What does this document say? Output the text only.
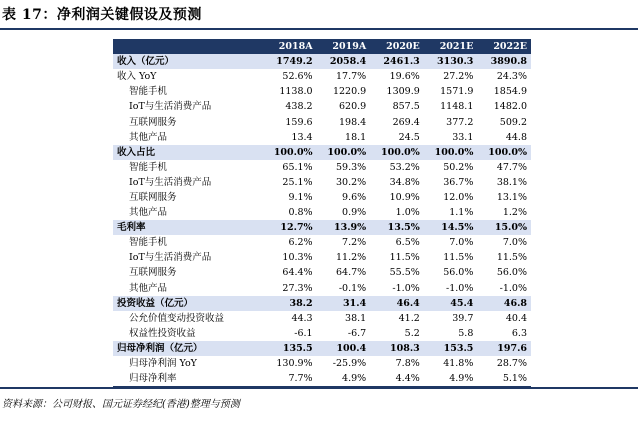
表 17：净利润关键假设及预测
	2018A	2019A	2020E	2021E	2022E
收入（亿元）	1749.2	2058.4	2461.3	3130.3	3890.8
收入 YoY	52.6%	17.7%	19.6%	27.2%	24.3%
智能手机	1138.0	1220.9	1309.9	1571.9	1854.9
IoT与生活消费产品	438.2	620.9	857.5	1148.1	1482.0
互联网服务	159.6	198.4	269.4	377.2	509.2
其他产品	13.4	18.1	24.5	33.1	44.8
收入占比	100.0%	100.0%	100.0%	100.0%	100.0%
智能手机	65.1%	59.3%	53.2%	50.2%	47.7%
IoT与生活消费产品	25.1%	30.2%	34.8%	36.7%	38.1%
互联网服务	9.1%	9.6%	10.9%	12.0%	13.1%
其他产品	0.8%	0.9%	1.0%	1.1%	1.2%
毛利率	12.7%	13.9%	13.5%	14.5%	15.0%
智能手机	6.2%	7.2%	6.5%	7.0%	7.0%
IoT与生活消费产品	10.3%	11.2%	11.5%	11.5%	11.5%
互联网服务	64.4%	64.7%	55.5%	56.0%	56.0%
其他产品	27.3%	-0.1%	-1.0%	-1.0%	-1.0%
投资收益（亿元）	38.2	31.4	46.4	45.4	46.8
公允价值变动投资收益	44.3	38.1	41.2	39.7	40.4
权益性投资收益	-6.1	-6.7	5.2	5.8	6.3
归母净利润（亿元）	135.5	100.4	108.3	153.5	197.6
归母净利润 YoY	130.9%	-25.9%	7.8%	41.8%	28.7%
归母净利率	7.7%	4.9%	4.4%	4.9%	5.1%
资料来源：公司财报、国元证券经纪(香港)整理与预测
